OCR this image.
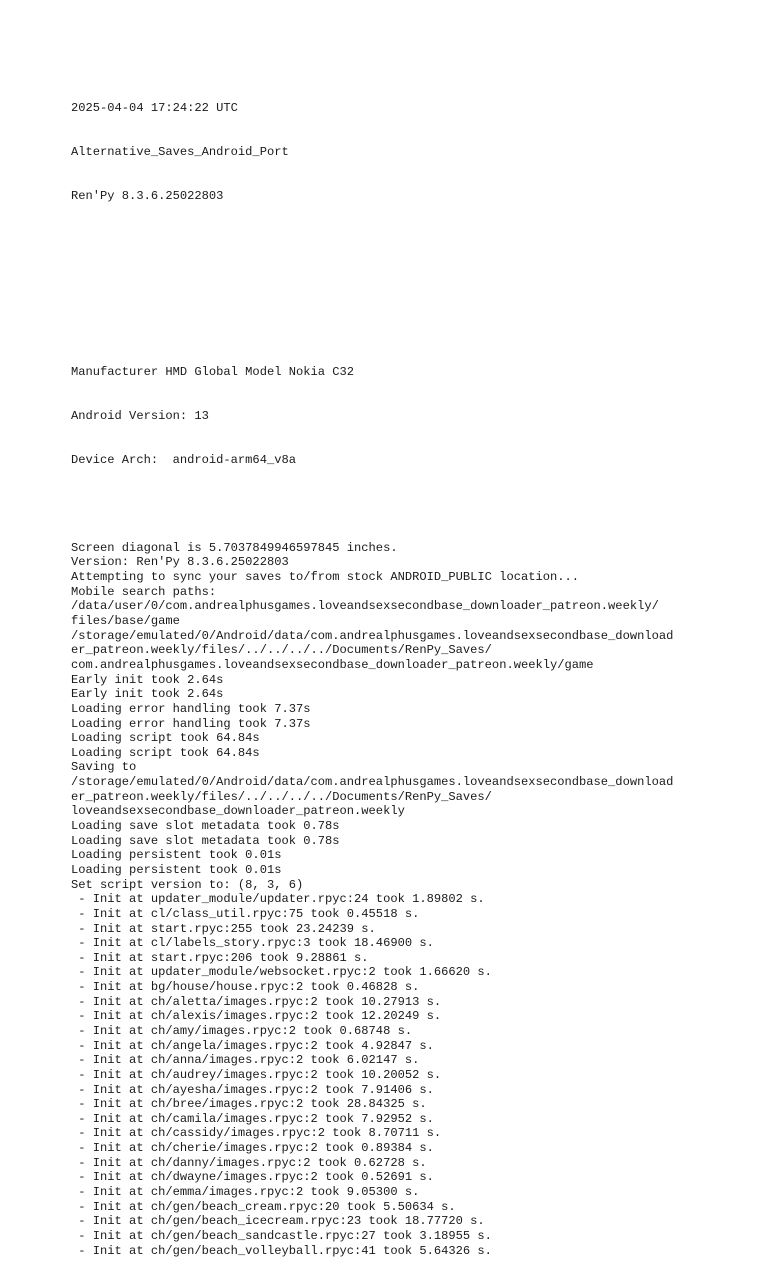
2025-04-04 17:24:22 UTC

Alternative_Saves_Android_Port

Ren'Py 8.3.6.25022803

Manufacturer HMD Global Model Nokia C32

Android Version: 13

Device Arch:  android-arm64_v8a

Screen diagonal is 5.7037849946597845 inches.
Version: Ren'Py 8.3.6.25022803
Attempting to sync your saves to/from stock ANDROID_PUBLIC location...
Mobile search paths:
/data/user/0/com.andrealphusgames.loveandsexsecondbase_downloader_patreon.weekly/
files/base/game
/storage/emulated/0/Android/data/com.andrealphusgames.loveandsexsecondbase_download
er_patreon.weekly/files/../../../../Documents/RenPy_Saves/
com.andrealphusgames.loveandsexsecondbase_downloader_patreon.weekly/game
Early init took 2.64s
Early init took 2.64s
Loading error handling took 7.37s
Loading error handling took 7.37s
Loading script took 64.84s
Loading script took 64.84s
Saving to
/storage/emulated/0/Android/data/com.andrealphusgames.loveandsexsecondbase_download
er_patreon.weekly/files/../../../../Documents/RenPy_Saves/
loveandsexsecondbase_downloader_patreon.weekly
Loading save slot metadata took 0.78s
Loading save slot metadata took 0.78s
Loading persistent took 0.01s
Loading persistent took 0.01s
Set script version to: (8, 3, 6)
- Init at updater_module/updater.rpyc:24 took 1.89802 s.
- Init at cl/class_util.rpyc:75 took 0.45518 s.
- Init at start.rpyc:255 took 23.24239 s.
- Init at cl/labels_story.rpyc:3 took 18.46900 s.
- Init at start.rpyc:206 took 9.28861 s.
- Init at updater_module/websocket.rpyc:2 took 1.66620 s.
- Init at bg/house/house.rpyc:2 took 0.46828 s.
- Init at ch/aletta/images.rpyc:2 took 10.27913 s.
- Init at ch/alexis/images.rpyc:2 took 12.20249 s.
- Init at ch/amy/images.rpyc:2 took 0.68748 s.
- Init at ch/angela/images.rpyc:2 took 4.92847 s.
- Init at ch/anna/images.rpyc:2 took 6.02147 s.
- Init at ch/audrey/images.rpyc:2 took 10.20052 s.
- Init at ch/ayesha/images.rpyc:2 took 7.91406 s.
- Init at ch/bree/images.rpyc:2 took 28.84325 s.
- Init at ch/camila/images.rpyc:2 took 7.92952 s.
- Init at ch/cassidy/images.rpyc:2 took 8.70711 s.
- Init at ch/cherie/images.rpyc:2 took 0.89384 s.
- Init at ch/danny/images.rpyc:2 took 0.62728 s.
- Init at ch/dwayne/images.rpyc:2 took 0.52691 s.
- Init at ch/emma/images.rpyc:2 took 9.05300 s.
- Init at ch/gen/beach_cream.rpyc:20 took 5.50634 s.
- Init at ch/gen/beach_icecream.rpyc:23 took 18.77720 s.
- Init at ch/gen/beach_sandcastle.rpyc:27 took 3.18955 s.
- Init at ch/gen/beach_volleyball.rpyc:41 took 5.64326 s.
